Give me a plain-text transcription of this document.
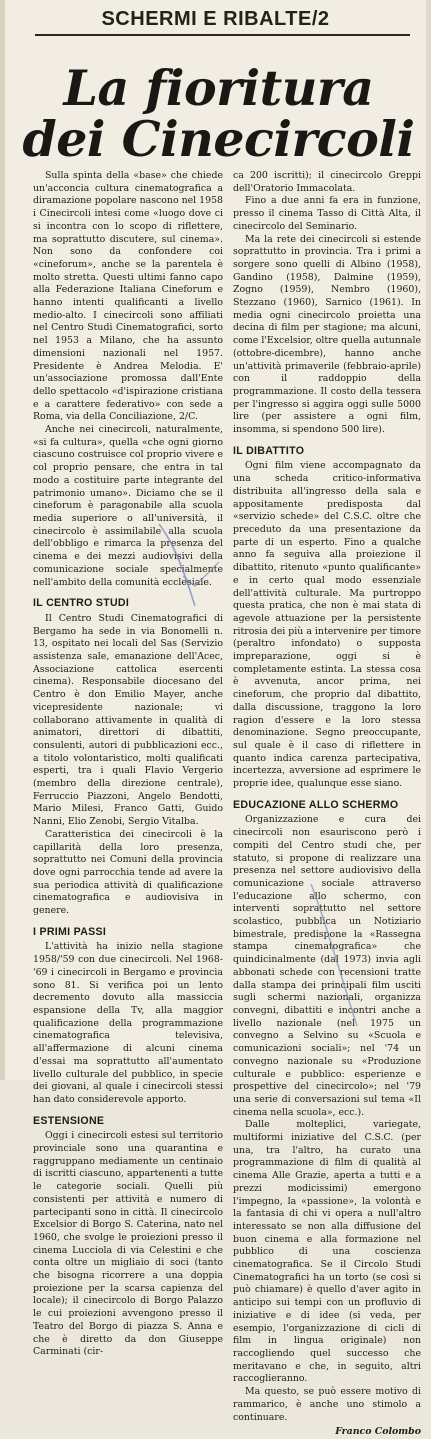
SCHERMI E RIBALTE/2
La fioritura
dei Cinecircoli

Sulla spinta della «base» che chiede un'acconcia cultura cinematografica a diramazione popolare nascono nel 1958 i Cinecircoli intesi come «luogo dove ci si incontra con lo scopo di riflettere, ma soprattutto discutere, sul cinema». Non sono da confondere coi «cineforum», anche se la parentela è molto stretta. Questi ultimi fanno capo alla Federazione Italiana Cineforum e hanno intenti qualificanti a livello medio-alto. I cinecircoli sono affiliati nel Centro Studi Cinematografici, sorto nel 1953 a Milano, che ha assunto dimensioni nazionali nel 1957. Presidente è Andrea Melodia. E' un'associazione promossa dall'Ente dello spettacolo «d'ispirazione cristiana e a carattere federativo» con sede a Roma, via della Conciliazione, 2/C.

Anche nei cinecircoli, naturalmente, «si fa cultura», quella «che ogni giorno ciascuno costruisce col proprio vivere e col proprio pensare, che entra in tal modo a costituire parte integrante del patrimonio umano». Diciamo che se il cineforum è paragonabile alla scuola media superiore o all'università, il cinecircolo è assimilabile alla scuola dell'obbligo e rimarca la presenza del cinema e dei mezzi audiovisivi della comunicazione sociale specialmente nell'ambito della comunità ecclesiale.

IL CENTRO STUDI

Il Centro Studi Cinematografici di Bergamo ha sede in via Bonomelli n. 13, ospitato nei locali del Sas (Servizio assistenza sale, emanazione dell'Acec, Associazione cattolica esercenti cinema). Responsabile diocesano del Centro è don Emilio Mayer, anche vicepresidente nazionale; vi collaborano attivamente in qualità di animatori, direttori di dibattiti, consulenti, autori di pubblicazioni ecc., a titolo volontaristico, molti qualificati esperti, tra i quali Flavio Vergerio (membro della direzione centrale), Ferruccio Piazzoni, Angelo Bendotti, Mario Milesi, Franco Gatti, Guido Nanni, Elio Zenobi, Sergio Vitalba.

Caratteristica dei cinecircoli è la capillarità della loro presenza, soprattutto nei Comuni della provincia dove ogni parrocchia tende ad avere la sua periodica attività di qualificazione cinematografica e audiovisiva in genere.

I PRIMI PASSI

L'attività ha inizio nella stagione 1958/'59 con due cinecircoli. Nel 1968-'69 i cinecircoli in Bergamo e provincia sono 81. Si verifica poi un lento decremento dovuto alla massiccia espansione della Tv, alla maggior qualificazione della programmazione cinematografica televisiva, all'affermazione di alcuni cinema d'essai ma soprattutto all'aumentato livello culturale del pubblico, in specie dei giovani, al quale i cinecircoli stessi han dato considerevole apporto.

ESTENSIONE

Oggi i cinecircoli estesi sul territorio provinciale sono una quarantina e raggruppano mediamente un centinaio di iscritti ciascuno, appartenenti a tutte le categorie sociali. Quelli più consistenti per attività e numero di partecipanti sono in città. Il cinecircolo Excelsior di Borgo S. Caterina, nato nel 1960, che svolge le proiezioni presso il cinema Lucciola di via Celestini e che conta oltre un migliaio di soci (tanto che bisogna ricorrere a una doppia proiezione per la scarsa capienza del locale); il cinecircolo di Borgo Palazzo le cui proiezioni avvengono presso il Teatro del Borgo di piazza S. Anna e che è diretto da don Giuseppe Carminati (cir-

ca 200 iscritti); il cinecircolo Greppi dell'Oratorio Immacolata.

Fino a due anni fa era in funzione, presso il cinema Tasso di Città Alta, il cinecircolo del Seminario.

Ma la rete dei cinecircoli si estende soprattutto in provincia. Tra i primi a sorgere sono quelli di Albino (1958), Gandino (1958), Dalmine (1959), Zogno (1959), Nembro (1960), Stezzano (1960), Sarnico (1961). In media ogni cinecircolo proietta una decina di film per stagione; ma alcuni, come l'Excelsior, oltre quella autunnale (ottobre-dicembre), hanno anche un'attività primaverile (febbraio-aprile) con il raddoppio della programmazione. Il costo della tessera per l'ingresso si aggira oggi sulle 5000 lire (per assistere a ogni film, insomma, si spendono 500 lire).

IL DIBATTITO

Ogni film viene accompagnato da una scheda critico-informativa distribuita all'ingresso della sala e appositamente predisposta dal «servizio schede» del C.S.C. oltre che preceduto da una presentazione da parte di un esperto. Fino a qualche anno fa seguiva alla proiezione il dibattito, ritenuto «punto qualificante» e in certo qual modo essenziale dell'attività culturale. Ma purtroppo questa pratica, che non è mai stata di agevole attuazione per la persistente ritrosia dei più a intervenire per timore (peraltro infondato) o supposta impreparazione, oggi si è completamente estinta. La stessa cosa è avvenuta, ancor prima, nei cineforum, che proprio dal dibattito, dalla discussione, traggono la loro ragion d'essere e la loro stessa denominazione. Segno preoccupante, sul quale è il caso di riflettere in quanto indica carenza partecipativa, incertezza, avversione ad esprimere le proprie idee, qualunque esse siano.

EDUCAZIONE ALLO SCHERMO

Organizzazione e cura dei cinecircoli non esauriscono però i compiti del Centro studi che, per statuto, si propone di realizzare una presenza nel settore audiovisivo della comunicazione sociale attraverso l'educazione allo schermo, con interventi soprattutto nel settore scolastico, pubblica un Notiziario bimestrale, predispone la «Rassegna stampa cinematografica» che quindicinalmente (dal 1973) invia agli abbonati schede con recensioni tratte dalla stampa dei principali film usciti sugli schermi nazionali, organizza convegni, dibattiti e incontri anche a livello nazionale (nel 1975 un convegno a Selvino su «Scuola e comunicazioni sociali»; nel '74 un convegno nazionale su «Produzione culturale e pubblico: esperienze e prospettive del cinecircolo»; nel '79 una serie di conversazioni sul tema «Il cinema nella scuola», ecc.).

Dalle molteplici, variegate, multiformi iniziative del C.S.C. (per una, tra l'altro, ha curato una programmazione di film di qualità al cinema Alle Grazie, aperta a tutti e a prezzi modicissimi) emergono l'impegno, la «passione», la volontà e la fantasia di chi vi opera a null'altro interessato se non alla diffusione del buon cinema e alla formazione nel pubblico di una coscienza cinematografica. Se il Circolo Studi Cinematografici ha un torto (se così si può chiamare) è quello d'aver agito in anticipo sui tempi con un profluvio di iniziative e di idee (si veda, per esempio, l'organizzazione di cicli di film in lingua originale) non raccogliendo quel successo che meritavano e che, in seguito, altri raccoglieranno.

Ma questo, se può essere motivo di rammarico, è anche uno stimolo a continuare.

Franco Colombo
